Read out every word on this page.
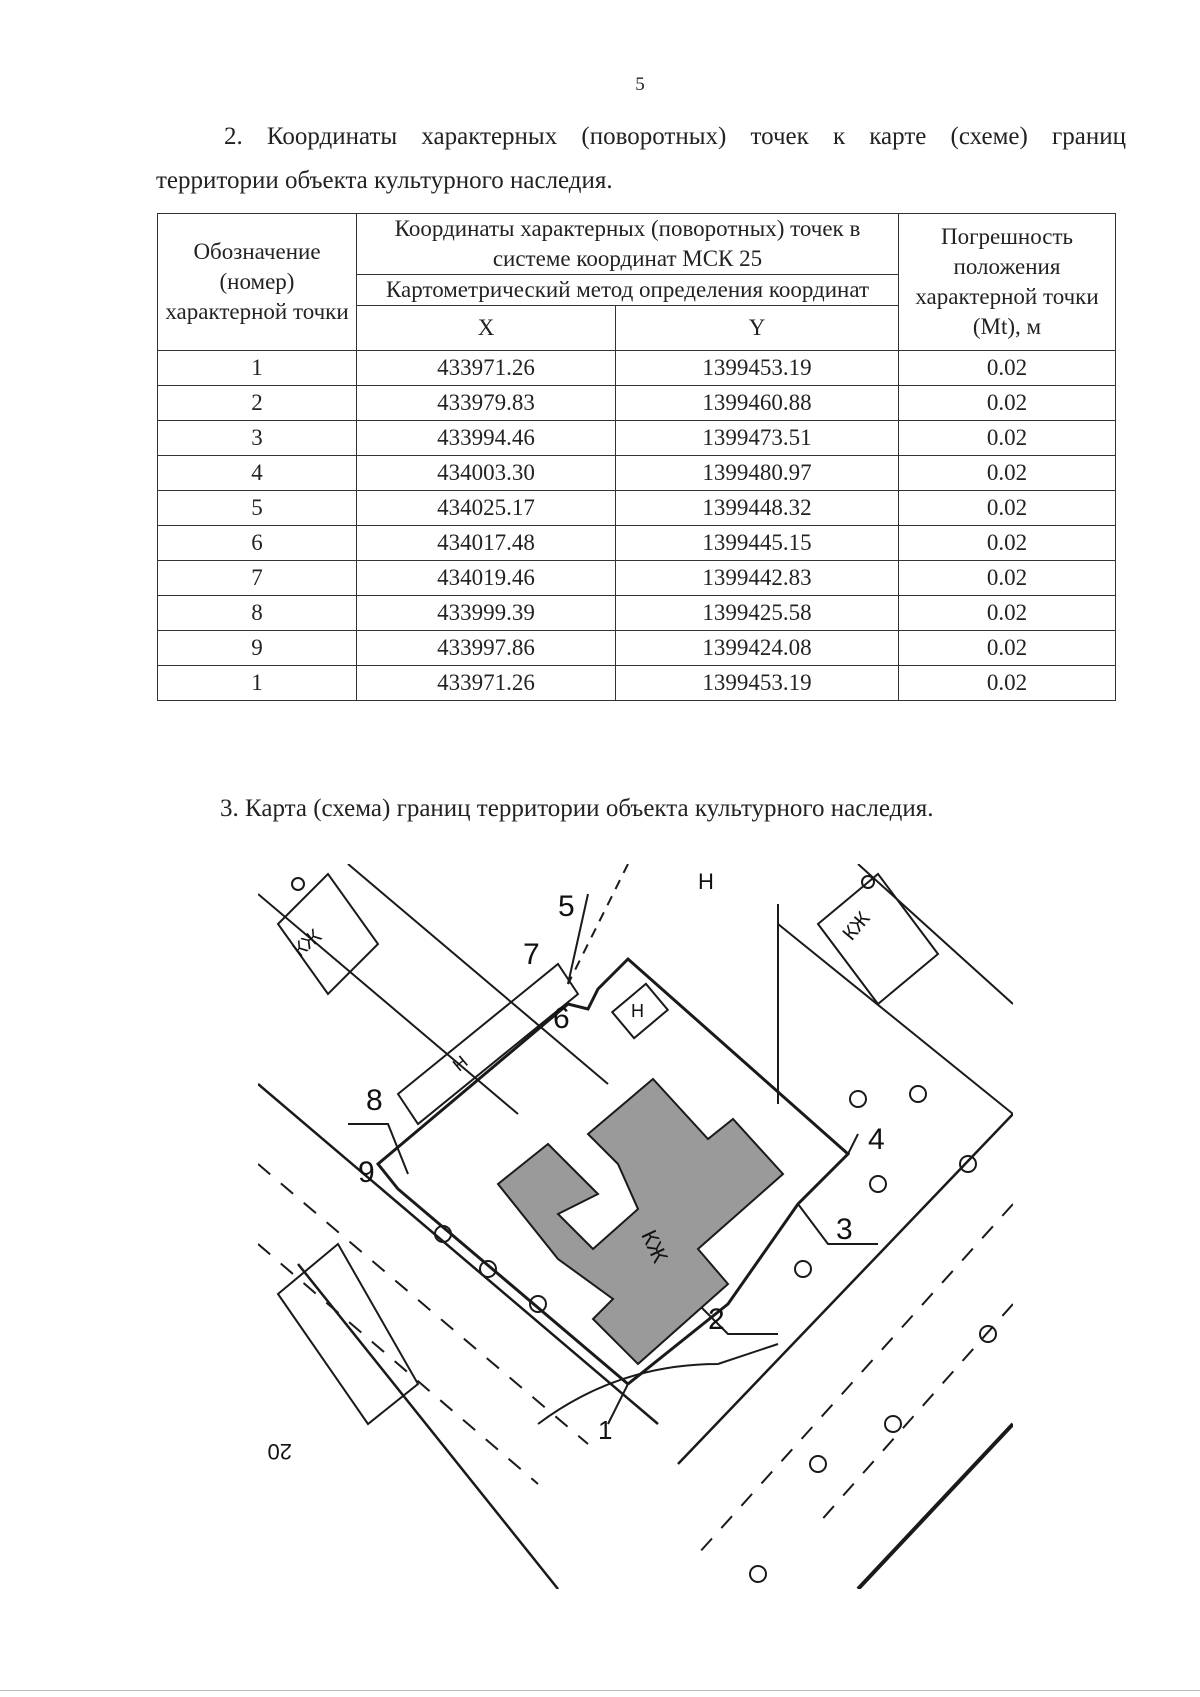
5
2. Координаты характерных (поворотных) точек к карте (схеме) границ
территории объекта культурного наследия.
Обозначение (номер) характерной точки	Координаты характерных (поворотных) точек в системе координат МСК 25		Погрешность положения характерной точки (Mt), м
	Картометрический метод определения координат		
	X	Y	
1	433971.26	1399453.19	0.02
2	433979.83	1399460.88	0.02
3	433994.46	1399473.51	0.02
4	434003.30	1399480.97	0.02
5	434025.17	1399448.32	0.02
6	434017.48	1399445.15	0.02
7	434019.46	1399442.83	0.02
8	433999.39	1399425.58	0.02
9	433997.86	1399424.08	0.02
1	433971.26	1399453.19	0.02
3. Карта (схема) границ территории объекта культурного наследия.
1
2
3
4
5
6
7
8
9
КЖ
КЖ	КЖ
Н
Н
Н
20
